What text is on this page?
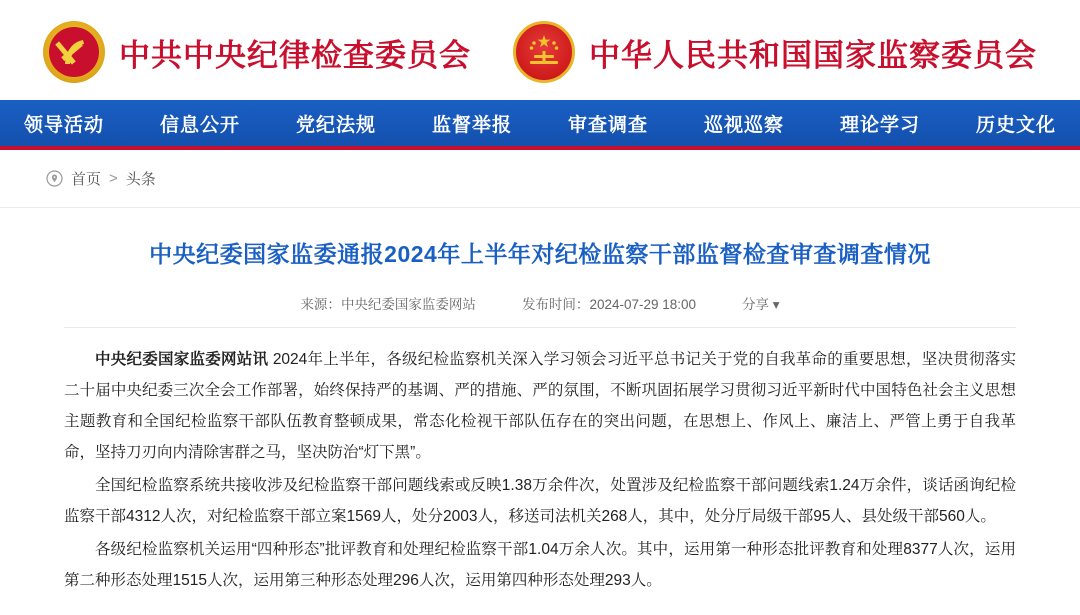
中共中央纪律检查委员会	中华人民共和国国家监察委员会
领导活动	信息公开	党纪法规	监督举报	审查调查	巡视巡察	理论学习	历史文化
首页 > 头条
中央纪委国家监委通报2024年上半年对纪检监察干部监督检查审查调查情况
来源：中央纪委国家监委网站	发布时间：2024-07-29 18:00	分享 ▾

中央纪委国家监委网站讯 2024年上半年，各级纪检监察机关深入学习领会习近平总书记关于党的自我革命的重要思想，坚决贯彻落实二十届中央纪委三次全会工作部署，始终保持严的基调、严的措施、严的氛围，不断巩固拓展学习贯彻习近平新时代中国特色社会主义思想主题教育和全国纪检监察干部队伍教育整顿成果，常态化检视干部队伍存在的突出问题，在思想上、作风上、廉洁上、严管上勇于自我革命，坚持刀刃向内清除害群之马，坚决防治“灯下黑”。

全国纪检监察系统共接收涉及纪检监察干部问题线索或反映1.38万余件次，处置涉及纪检监察干部问题线索1.24万余件，谈话函询纪检监察干部4312人次，对纪检监察干部立案1569人，处分2003人，移送司法机关268人，其中，处分厅局级干部95人、县处级干部560人。

各级纪检监察机关运用“四种形态”批评教育和处理纪检监察干部1.04万余人次。其中，运用第一种形态批评教育和处理8377人次，运用第二种形态处理1515人次，运用第三种形态处理296人次，运用第四种形态处理293人。
